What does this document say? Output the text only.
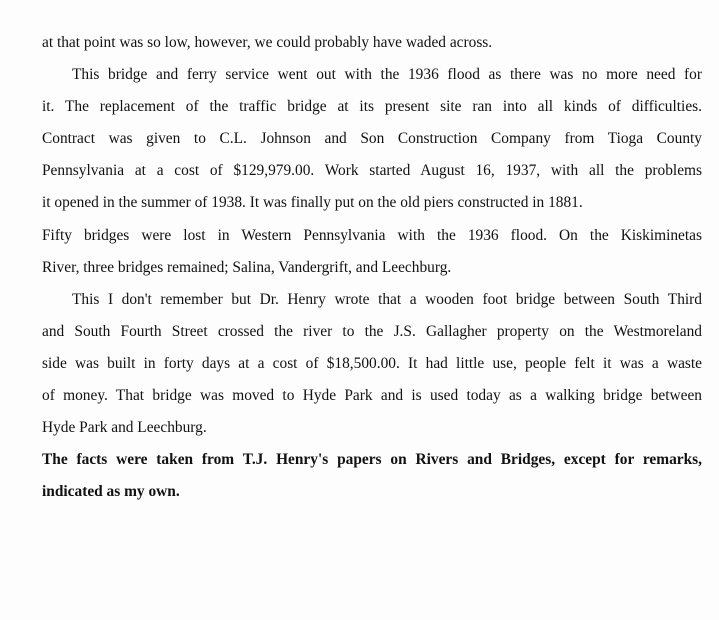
at that point was so low, however, we could probably have waded across.
This bridge and ferry service went out with the 1936 flood as there was no more need for
it. The replacement of the traffic bridge at its present site ran into all kinds of difficulties.
Contract was given to C.L. Johnson and Son Construction Company from Tioga County
Pennsylvania at a cost of $129,979.00. Work started August 16, 1937, with all the problems
it opened in the summer of 1938. It was finally put on the old piers constructed in 1881.
Fifty bridges were lost in Western Pennsylvania with the 1936 flood. On the Kiskiminetas
River, three bridges remained; Salina, Vandergrift, and Leechburg.
This I don't remember but Dr. Henry wrote that a wooden foot bridge between South Third
and South Fourth Street crossed the river to the J.S. Gallagher property on the Westmoreland
side was built in forty days at a cost of $18,500.00. It had little use, people felt it was a waste
of money. That bridge was moved to Hyde Park and is used today as a walking bridge between
Hyde Park and Leechburg.
The facts were taken from T.J. Henry's papers on Rivers and Bridges, except for remarks,
indicated as my own.
